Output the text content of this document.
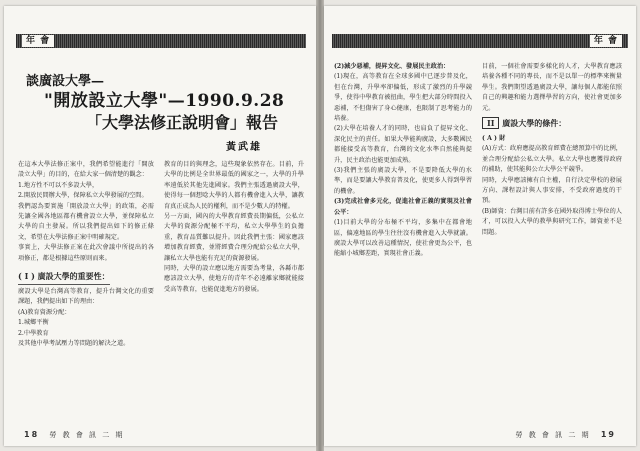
年 會
談廣設大學—
"開放設立大學"—1990.9.28
「大學法修正說明會」報告
黃武雄

在這本大學法修正案中，我們希望能進行「開放設立大學」的目的，在給大家一個清楚的觀念：

1.地方性不可以不多設大學，

2.開放民間辦大學，保障私立大學發展的空間。

我們認為要實施「開放設立大學」的政策，必需先讓全國各地區都有機會設立大學，並保障私立大學的自主發展。所以我們提出如下的修正條文，希望在大學法修正案中明確規定。

事實上，大學法修正案在此次會議中所提出的各項修正，都是根據這些原則而來。

( I ) 廣設大學的重要性：

廣設大學是台灣高等教育，提升台灣文化的重要課題，我們提出如下的理由：

(A)教育資源分配：

1.城鄉平衡

2.中學教育

及其他中學考試壓力等問題的解決之道。

教育的目的與理念，這些現象依然存在。目前，升大學的比例是全世界最低的國家之一，大學的升學率遠低於其他先進國家。我們主張透過廣設大學，使得每一個想唸大學的人都有機會進入大學，讓教育真正成為人民的權利，而不是少數人的特權。

另一方面，國內的大學教育經費長期偏低，公私立大學的資源分配極不平均，私立大學學生的負擔重，教育品質難以提升。因此我們主張：國家應該增加教育經費，並將經費合理分配給公私立大學，讓私立大學也能有充足的資源發展。

同時，大學的設立應以地方需要為考量，各縣市都應該設立大學，使地方的青年不必遠離家鄉就能接受高等教育，也能促進地方的發展。

18 勞 教 會 訊 二 期
年 會

(2)減少惡補，提昇文化、發展民主政治：

(1)現在，高等教育在全球多國中已逐步普及化，但在台灣，升學率卻偏低，形成了激烈的升學競爭，使得中學教育被扭曲，學生把大部分時間投入惡補，不但傷害了身心健康，也限制了思考能力的培養。

(2)大學在培養人才的同時，也肩負了提昇文化、深化民主的責任。如果大學能夠廣設，大多數國民都能接受高等教育，台灣的文化水準自然能夠提升，民主政治也能更加成熟。

(3)我們主張的廣設大學，不是要降低大學的水準，而是要讓大學教育普及化，使更多人得到學習的機會。

(3)完成社會多元化，促進社會正義的實現及社會公平：

(1)目前大學的分布極不平均，多集中在都會地區，偏遠地區的學生往往沒有機會進入大學就讀。廣設大學可以改善這種情況，使社會更為公平，也能縮小城鄉差距，實現社會正義。

目前，一個社會需要多樣化的人才，大學教育應該培養各種不同的專長，而不是以單一的標準來衡量學生。我們期望透過廣設大學，讓每個人都能依照自己的興趣和能力選擇學習的方向，使社會更加多元。

II 廣設大學的條件：

( A ) 財

(A)方式：政府應提高教育經費在總預算中的比例，並合理分配給公私立大學。私立大學也應獲得政府的補助，使其能與公立大學公平競爭。

同時，大學應該擁有自主權，自行決定學校的發展方向、課程設計與人事安排，不受政府過度的干預。

(B)師資：台灣目前有許多在國外取得博士學位的人才，可以投入大學的教學與研究工作，師資並不是問題。

勞 教 會 訊 二 期 19
